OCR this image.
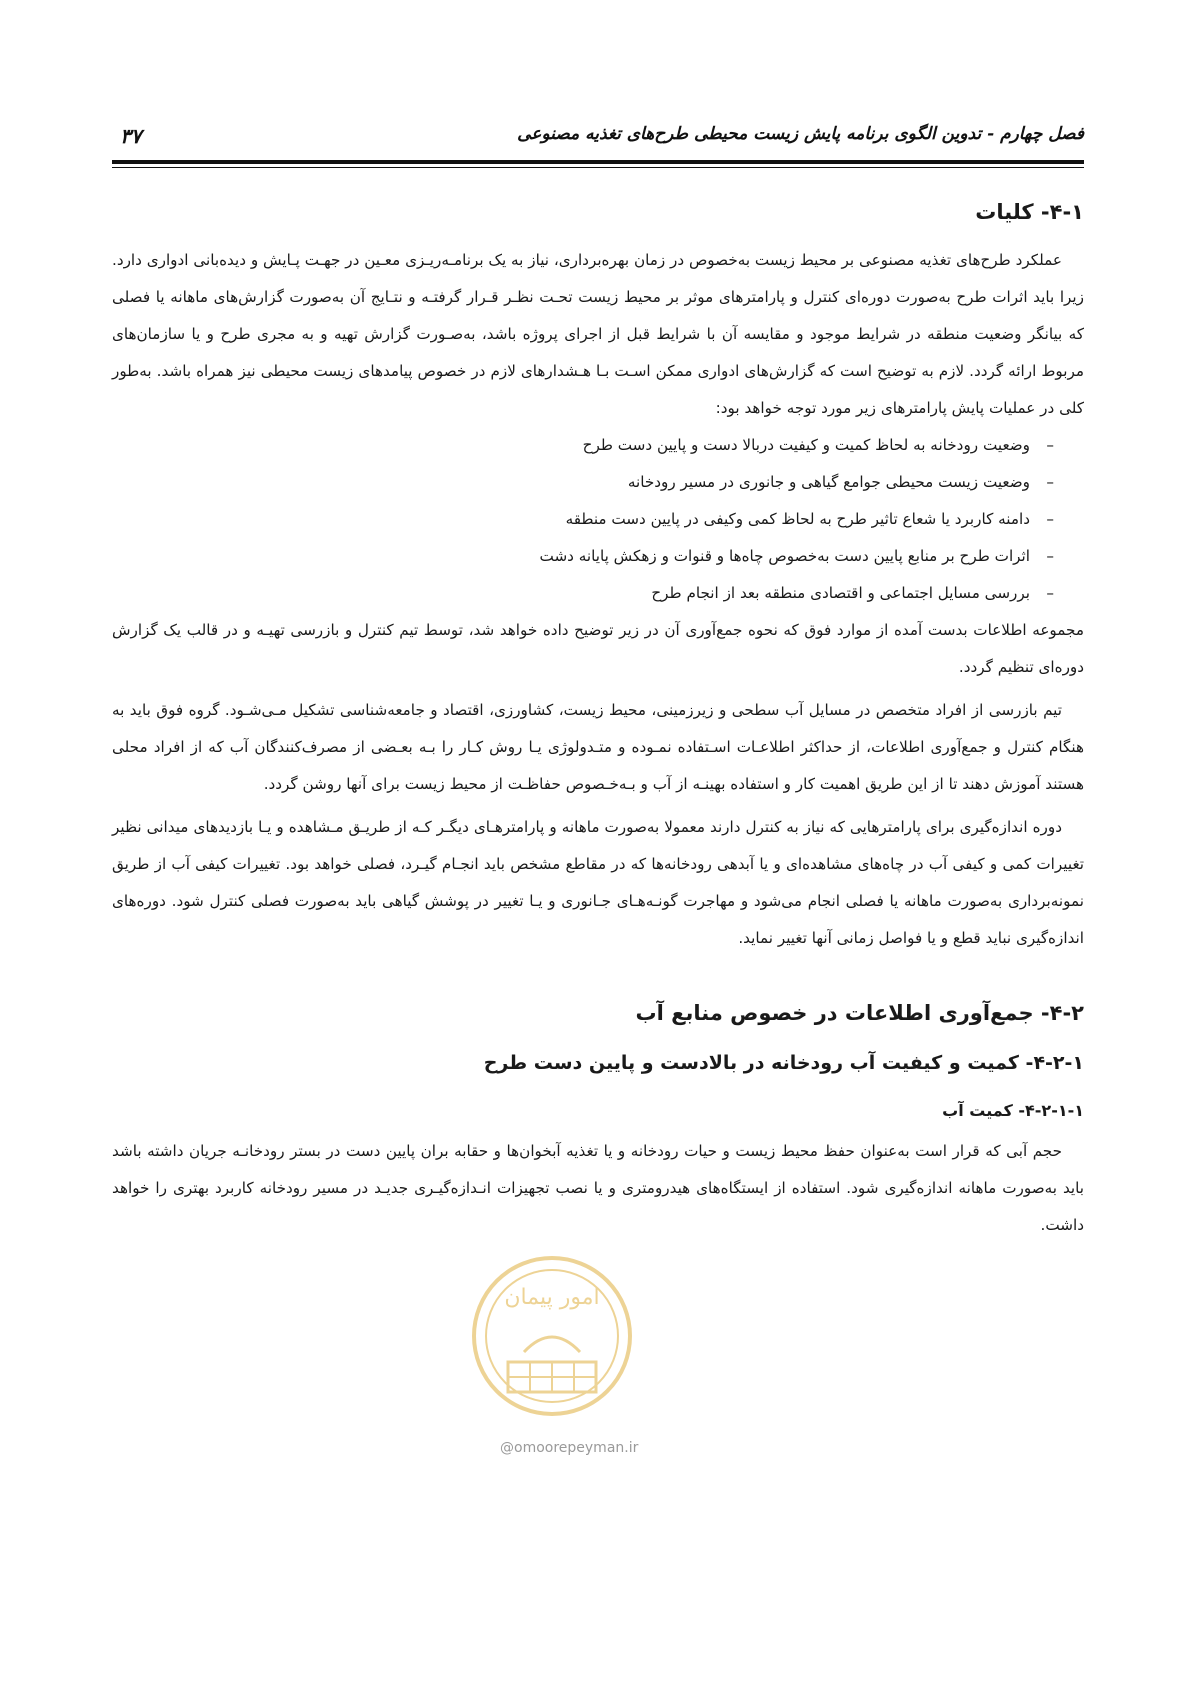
فصل چهارم - تدوین الگوی برنامه پایش زیست محیطی طرح‌های تغذیه مصنوعی
۳۷
۴-۱- کلیات

عملکرد طرح‌های تغذیه مصنوعی بر محیط زیست به‌خصوص در زمان بهره‌برداری، نیاز به یک برنامـه‌ریـزی معـین در جهـت پـایش و دیده‌بانی ادواری دارد. زیرا باید اثرات طرح به‌صورت دوره‌ای کنترل و پارامترهای موثر بر محیط زیست تحـت نظـر قـرار گرفتـه و نتـایج آن به‌صورت گزارش‌های ماهانه یا فصلی که بیانگر وضعیت منطقه در شرایط موجود و مقایسه آن با شرایط قبل از اجرای پروژه باشد، به‌صـورت گزارش تهیه و به مجری طرح و یا سازمان‌های مربوط ارائه گردد. لازم به توضیح است که گزارش‌های ادواری ممکن اسـت بـا هـشدارهای لازم در خصوص پیامدهای زیست محیطی نیز همراه باشد. به‌طور کلی در عملیات پایش پارامترهای زیر مورد توجه خواهد بود:

–
وضعیت رودخانه به لحاظ کمیت و کیفیت دربالا دست و پایین دست طرح
–
وضعیت زیست محیطی جوامع گیاهی و جانوری در مسیر رودخانه
–
دامنه کاربرد یا شعاع تاثیر طرح به لحاظ کمی وکیفی در پایین دست منطقه
–
اثرات طرح بر منابع پایین دست به‌خصوص چاه‌ها و قنوات و زهکش پایانه دشت
–
بررسی مسایل اجتماعی و اقتصادی منطقه بعد از انجام طرح

مجموعه اطلاعات بدست آمده از موارد فوق که نحوه جمع‌آوری آن در زیر توضیح داده خواهد شد، توسط تیم کنترل و بازرسی تهیـه و در قالب یک گزارش دوره‌ای تنظیم گردد.

تیم بازرسی از افراد متخصص در مسایل آب سطحی و زیرزمینی، محیط زیست، کشاورزی، اقتصاد و جامعه‌شناسی تشکیل مـی‌شـود. گروه فوق باید به هنگام کنترل و جمع‌آوری اطلاعات، از حداکثر اطلاعـات اسـتفاده نمـوده و متـدولوژی یـا روش کـار را بـه بعـضی از مصرف‌کنندگان آب که از افراد محلی هستند آموزش دهند تا از این طریق اهمیت کار و استفاده بهینـه از آب و بـه‌خـصوص حفاظـت از محیط زیست برای آنها روشن گردد.

دوره اندازه‌گیری برای پارامترهایی که نیاز به کنترل دارند معمولا به‌صورت ماهانه و پارامترهـای دیگـر کـه از طریـق مـشاهده و یـا بازدیدهای میدانی نظیر تغییرات کمی و کیفی آب در چاه‌های مشاهده‌ای و یا آبدهی رودخانه‌ها که در مقاطع مشخص باید انجـام گیـرد، فصلی خواهد بود. تغییرات کیفی آب از طریق نمونه‌برداری به‌صورت ماهانه یا فصلی انجام می‌شود و مهاجرت گونـه‌هـای جـانوری و یـا تغییر در پوشش گیاهی باید به‌صورت فصلی کنترل شود. دوره‌های اندازه‌گیری نباید قطع و یا فواصل زمانی آنها تغییر نماید.

۴-۲- جمع‌آوری اطلاعات در خصوص منابع آب
۴-۲-۱- کمیت و کیفیت آب رودخانه در بالادست و پایین دست طرح
۴-۲-۱-۱- کمیت آب

حجم آبی که قرار است به‌عنوان حفظ محیط زیست و حیات رودخانه و یا تغذیه آبخوان‌ها و حقابه بران پایین دست در بستر رودخانـه جریان داشته باشد باید به‌صورت ماهانه اندازه‌گیری شود. استفاده از ایستگاه‌های هیدرومتری و یا نصب تجهیزات انـدازه‌گیـری جدیـد در مسیر رودخانه کاربرد بهتری را خواهد داشت.

امور پیمان
@omoorepeyman.ir
